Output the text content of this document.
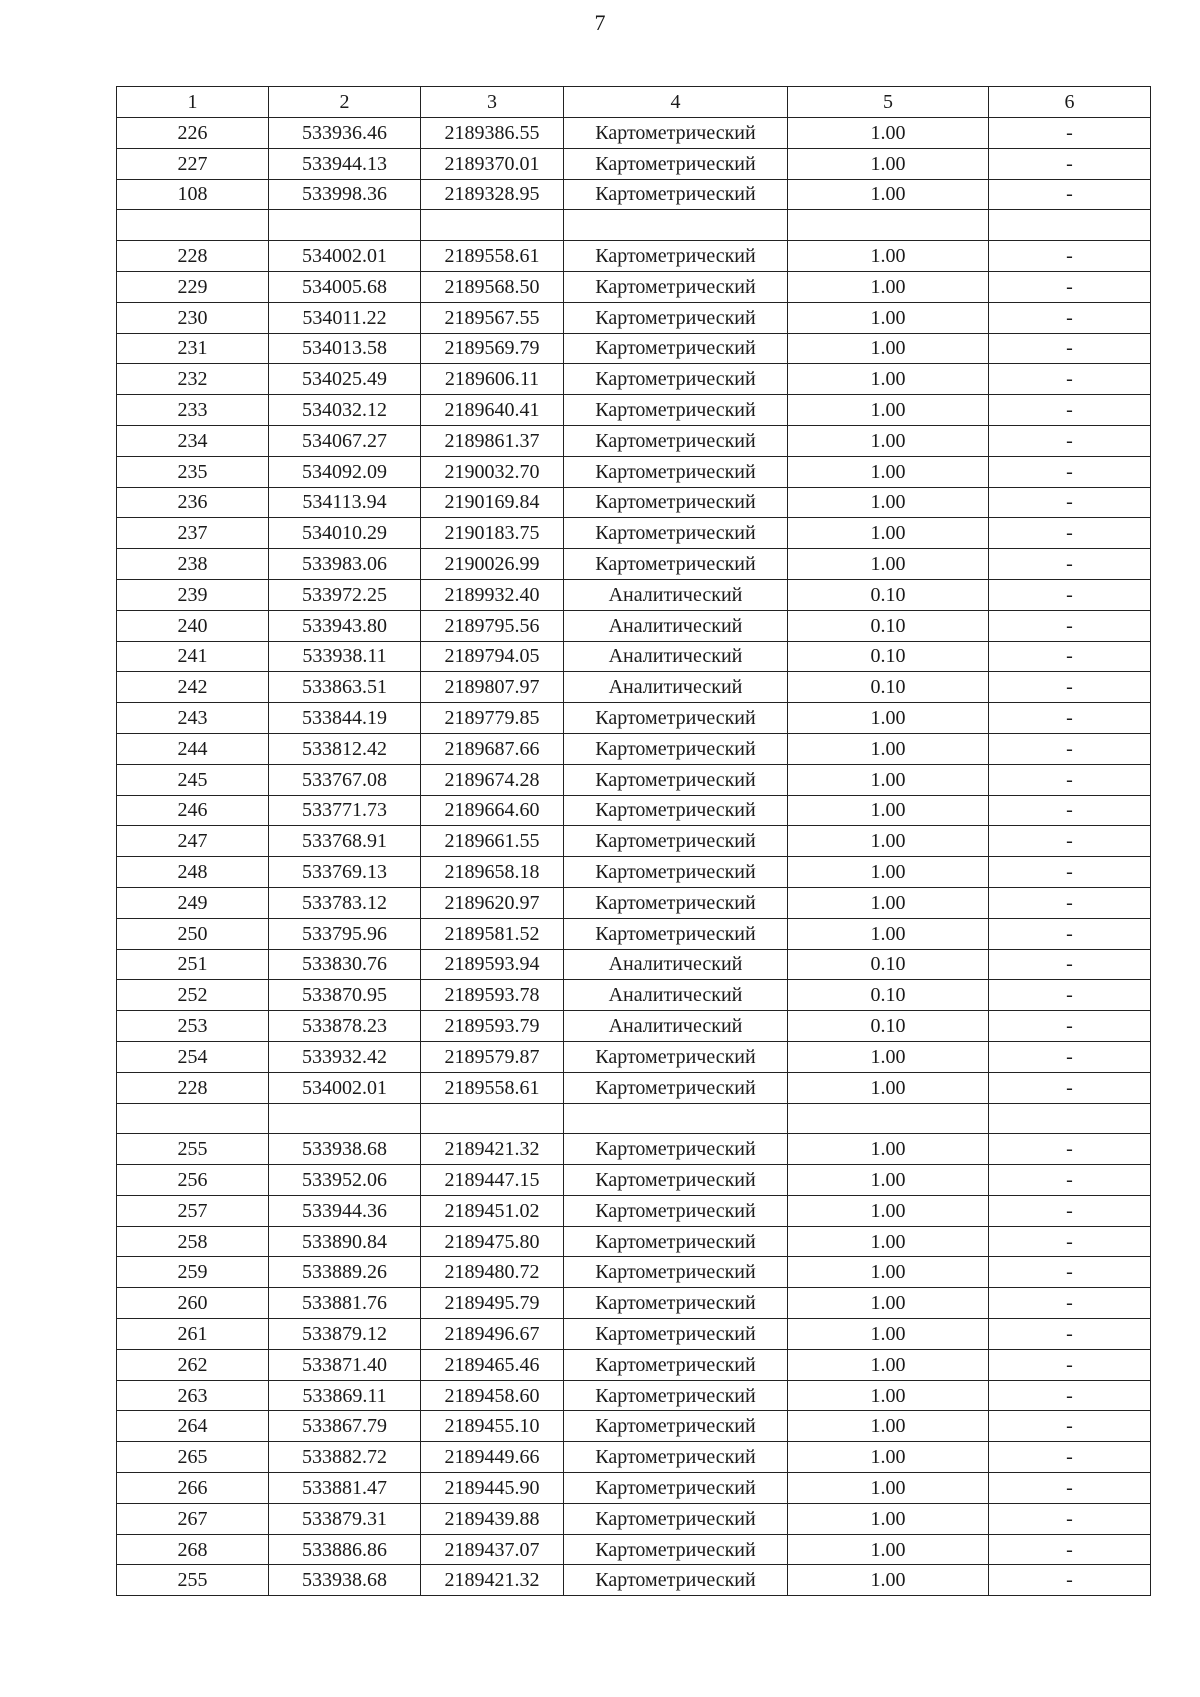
7
1	2	3	4	5	6
226	533936.46	2189386.55	Картометрический	1.00	-
227	533944.13	2189370.01	Картометрический	1.00	-
108	533998.36	2189328.95	Картометрический	1.00	-

228	534002.01	2189558.61	Картометрический	1.00	-
229	534005.68	2189568.50	Картометрический	1.00	-
230	534011.22	2189567.55	Картометрический	1.00	-
231	534013.58	2189569.79	Картометрический	1.00	-
232	534025.49	2189606.11	Картометрический	1.00	-
233	534032.12	2189640.41	Картометрический	1.00	-
234	534067.27	2189861.37	Картометрический	1.00	-
235	534092.09	2190032.70	Картометрический	1.00	-
236	534113.94	2190169.84	Картометрический	1.00	-
237	534010.29	2190183.75	Картометрический	1.00	-
238	533983.06	2190026.99	Картометрический	1.00	-
239	533972.25	2189932.40	Аналитический	0.10	-
240	533943.80	2189795.56	Аналитический	0.10	-
241	533938.11	2189794.05	Аналитический	0.10	-
242	533863.51	2189807.97	Аналитический	0.10	-
243	533844.19	2189779.85	Картометрический	1.00	-
244	533812.42	2189687.66	Картометрический	1.00	-
245	533767.08	2189674.28	Картометрический	1.00	-
246	533771.73	2189664.60	Картометрический	1.00	-
247	533768.91	2189661.55	Картометрический	1.00	-
248	533769.13	2189658.18	Картометрический	1.00	-
249	533783.12	2189620.97	Картометрический	1.00	-
250	533795.96	2189581.52	Картометрический	1.00	-
251	533830.76	2189593.94	Аналитический	0.10	-
252	533870.95	2189593.78	Аналитический	0.10	-
253	533878.23	2189593.79	Аналитический	0.10	-
254	533932.42	2189579.87	Картометрический	1.00	-
228	534002.01	2189558.61	Картометрический	1.00	-

255	533938.68	2189421.32	Картометрический	1.00	-
256	533952.06	2189447.15	Картометрический	1.00	-
257	533944.36	2189451.02	Картометрический	1.00	-
258	533890.84	2189475.80	Картометрический	1.00	-
259	533889.26	2189480.72	Картометрический	1.00	-
260	533881.76	2189495.79	Картометрический	1.00	-
261	533879.12	2189496.67	Картометрический	1.00	-
262	533871.40	2189465.46	Картометрический	1.00	-
263	533869.11	2189458.60	Картометрический	1.00	-
264	533867.79	2189455.10	Картометрический	1.00	-
265	533882.72	2189449.66	Картометрический	1.00	-
266	533881.47	2189445.90	Картометрический	1.00	-
267	533879.31	2189439.88	Картометрический	1.00	-
268	533886.86	2189437.07	Картометрический	1.00	-
255	533938.68	2189421.32	Картометрический	1.00	-
